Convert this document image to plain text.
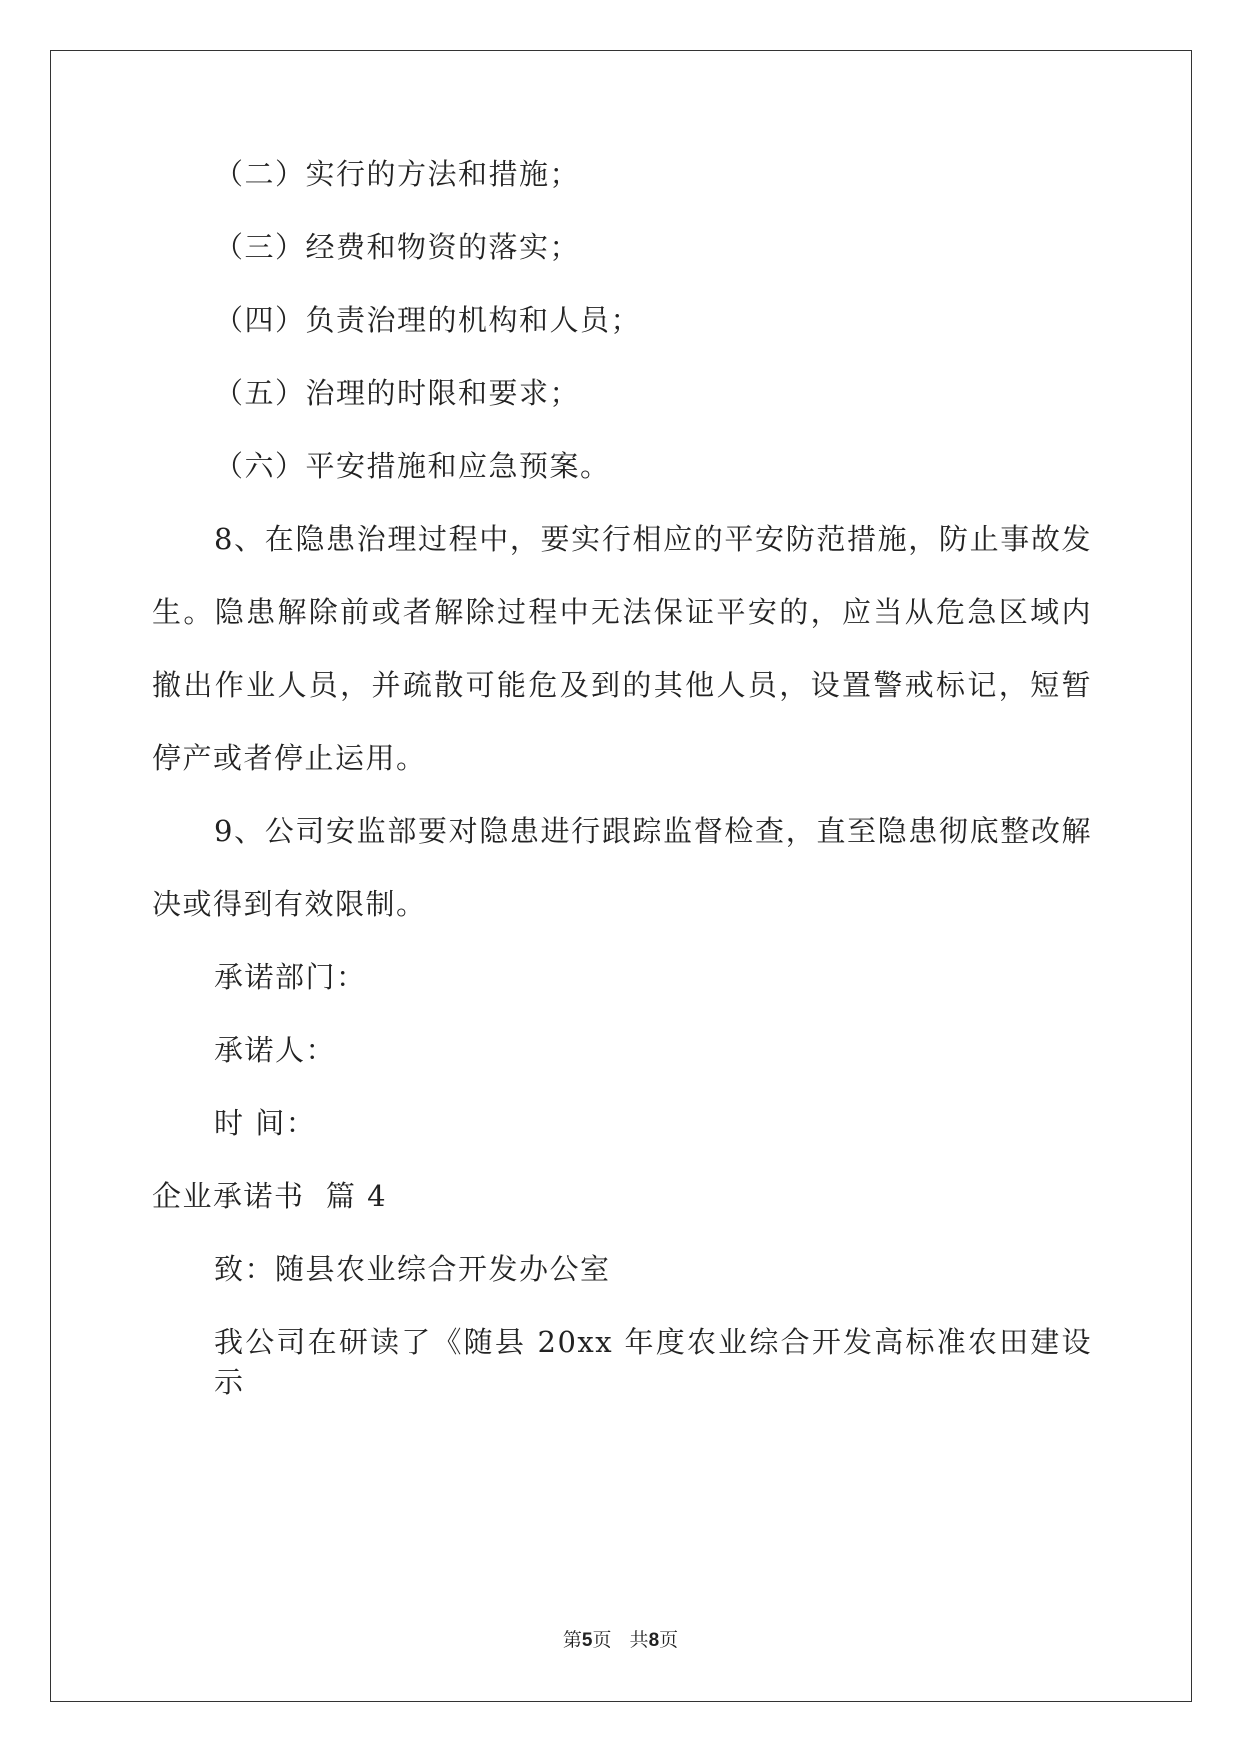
（二）实行的方法和措施；

（三）经费和物资的落实；

（四）负责治理的机构和人员；

（五）治理的时限和要求；

（六）平安措施和应急预案。

8、在隐患治理过程中，要实行相应的平安防范措施，防止事故发

生。隐患解除前或者解除过程中无法保证平安的，应当从危急区域内

撤出作业人员，并疏散可能危及到的其他人员，设置警戒标记，短暂

停产或者停止运用。

9、公司安监部要对隐患进行跟踪监督检查，直至隐患彻底整改解

决或得到有效限制。

承诺部门：

承诺人：

时 间：

企业承诺书  篇 4

致：随县农业综合开发办公室

我公司在研读了《随县 20xx 年度农业综合开发高标准农田建设示

第5页   共8页
